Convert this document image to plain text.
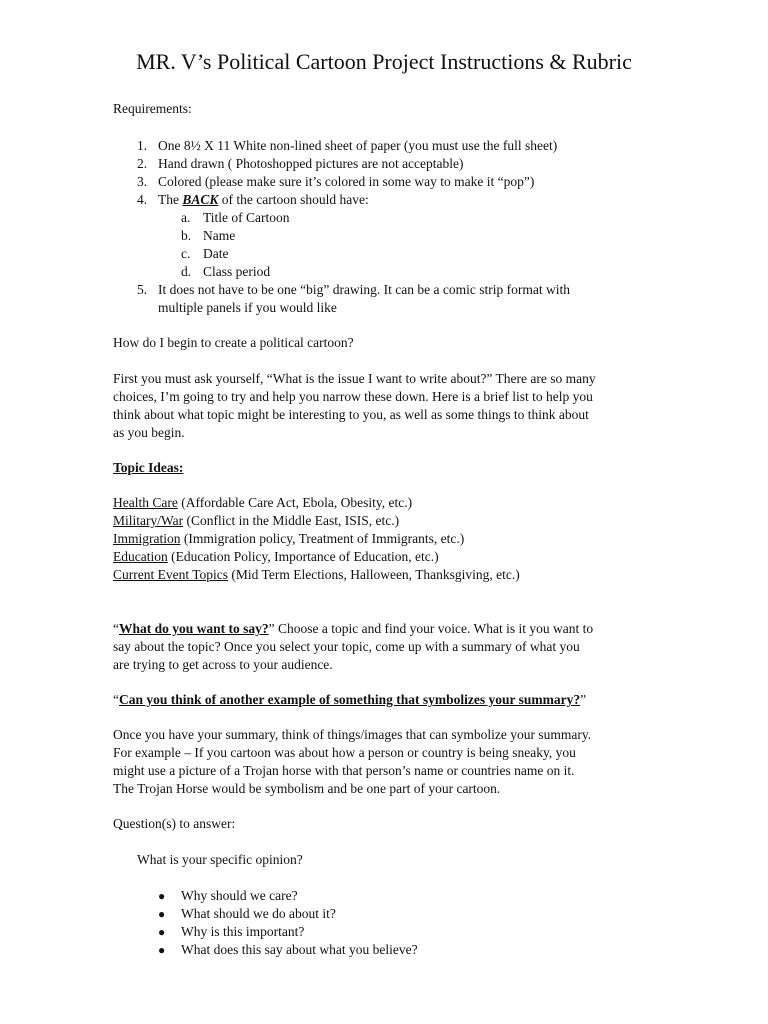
MR. V’s Political Cartoon Project Instructions & Rubric
Requirements:
1. One 8½ X 11 White non-lined sheet of paper (you must use the full sheet)
2. Hand drawn ( Photoshopped pictures are not acceptable)
3. Colored (please make sure it’s colored in some way to make it “pop”)
4. The BACK of the cartoon should have:
a. Title of Cartoon
b. Name
c. Date
d. Class period
5. It does not have to be one “big” drawing. It can be a comic strip format with
multiple panels if you would like
How do I begin to create a political cartoon?
First you must ask yourself, “What is the issue I want to write about?” There are so many
choices, I’m going to try and help you narrow these down. Here is a brief list to help you
think about what topic might be interesting to you, as well as some things to think about
as you begin.
Topic Ideas:
Health Care (Affordable Care Act, Ebola, Obesity, etc.)
Military/War (Conflict in the Middle East, ISIS, etc.)
Immigration (Immigration policy, Treatment of Immigrants, etc.)
Education (Education Policy, Importance of Education, etc.)
Current Event Topics (Mid Term Elections, Halloween, Thanksgiving, etc.)
“What do you want to say?” Choose a topic and find your voice. What is it you want to
say about the topic? Once you select your topic, come up with a summary of what you
are trying to get across to your audience.
“Can you think of another example of something that symbolizes your summary?”
Once you have your summary, think of things/images that can symbolize your summary.
For example – If you cartoon was about how a person or country is being sneaky, you
might use a picture of a Trojan horse with that person’s name or countries name on it.
The Trojan Horse would be symbolism and be one part of your cartoon.
Question(s) to answer:
What is your specific opinion?
● Why should we care?
● What should we do about it?
● Why is this important?
● What does this say about what you believe?
